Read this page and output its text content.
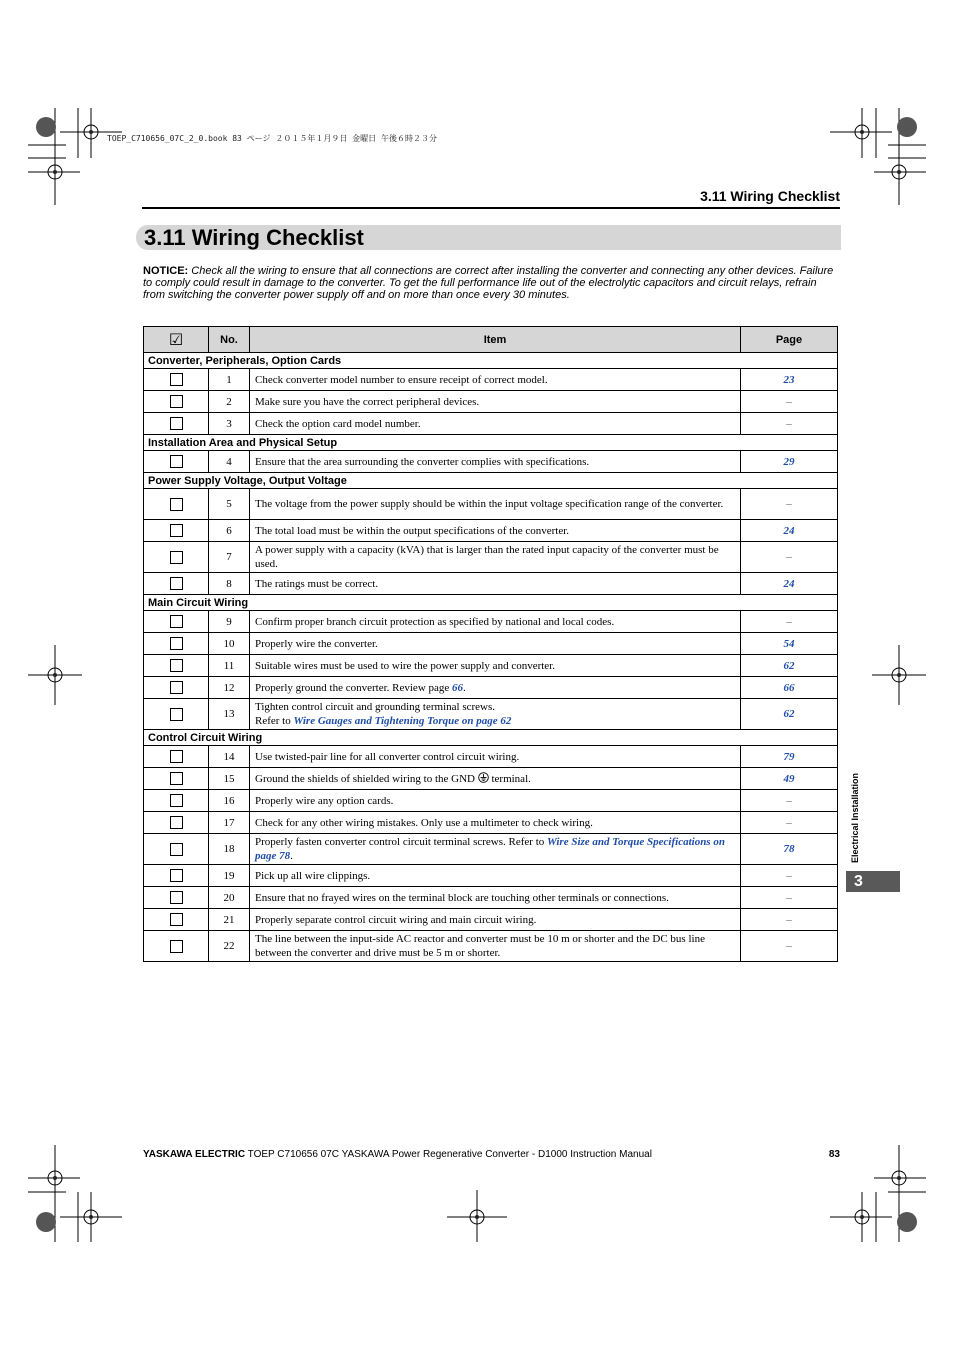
TOEP_C710656_07C_2_0.book 83 ページ ２０１５年１月９日 金曜日 午後６時２３分
3.11 Wiring Checklist
3.11 Wiring Checklist
NOTICE: Check all the wiring to ensure that all connections are correct after installing the converter and connecting any other devices. Failure to comply could result in damage to the converter. To get the full performance life out of the electrolytic capacitors and circuit relays, refrain from switching the converter power supply off and on more than once every 30 minutes.
☑	No.	Item	Page
Converter, Peripherals, Option Cards			
	1	Check converter model number to ensure receipt of correct model.	23
	2	Make sure you have the correct peripheral devices.	–
	3	Check the option card model number.	–
Installation Area and Physical Setup			
	4	Ensure that the area surrounding the converter complies with specifications.	29
Power Supply Voltage, Output Voltage			
	5	The voltage from the power supply should be within the input voltage specification range of the converter.	–
	6	The total load must be within the output specifications of the converter.	24
	7	A power supply with a capacity (kVA) that is larger than the rated input capacity of the converter must be used.	–
	8	The ratings must be correct.	24
Main Circuit Wiring			
	9	Confirm proper branch circuit protection as specified by national and local codes.	–
	10	Properly wire the converter.	54
	11	Suitable wires must be used to wire the power supply and converter.	62
	12	Properly ground the converter. Review page 66.	66
	13	Tighten control circuit and grounding terminal screws.
Refer to Wire Gauges and Tightening Torque on page 62	62
Control Circuit Wiring			
	14	Use twisted-pair line for all converter control circuit wiring.	79
	15	Ground the shields of shielded wiring to the GND  terminal.	49
	16	Properly wire any option cards.	–
	17	Check for any other wiring mistakes. Only use a multimeter to check wiring.	–
	18	Properly fasten converter control circuit terminal screws. Refer to Wire Size and Torque Specifications on page 78.	78
	19	Pick up all wire clippings.	–
	20	Ensure that no frayed wires on the terminal block are touching other terminals or connections.	–
	21	Properly separate control circuit wiring and main circuit wiring.	–
	22	The line between the input-side AC reactor and converter must be 10 m or shorter and the DC bus line between the converter and drive must be 5 m or shorter.	–
Electrical Installation
3
YASKAWA ELECTRIC TOEP C710656 07C YASKAWA Power Regenerative Converter - D1000 Instruction Manual	83
